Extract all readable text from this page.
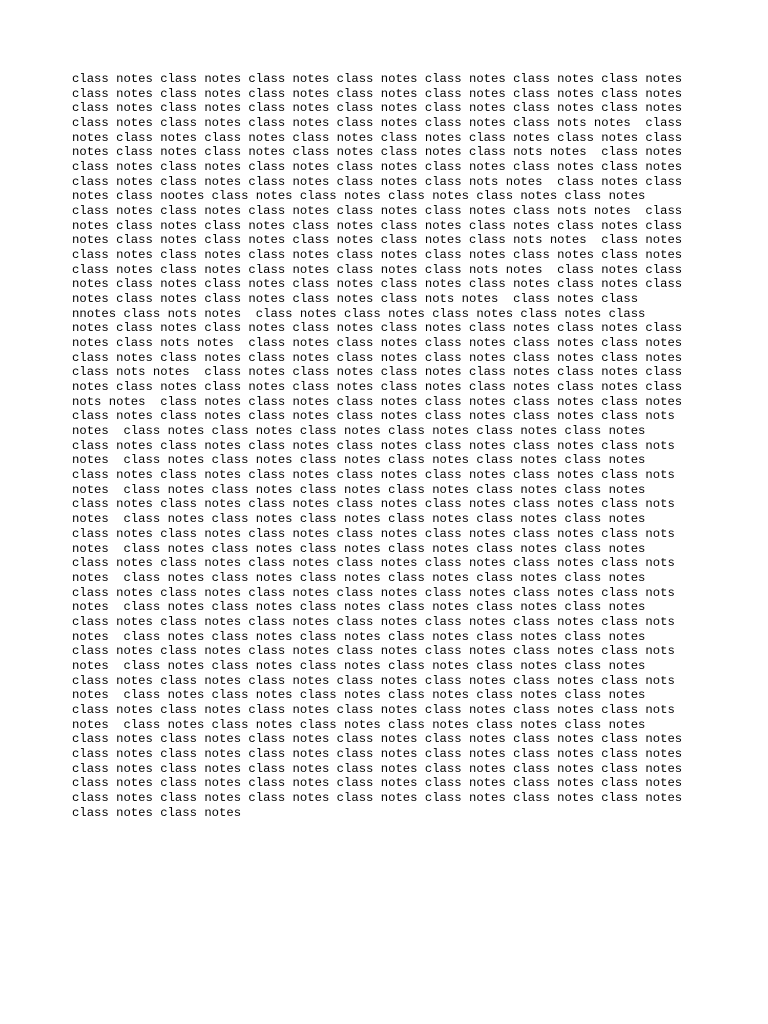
class notes class notes class notes class notes class notes class notes class notes
class notes class notes class notes class notes class notes class notes class notes
class notes class notes class notes class notes class notes class notes class notes
class notes class notes class notes class notes class notes class nots notes  class
notes class notes class notes class notes class notes class notes class notes class
notes class notes class notes class notes class notes class nots notes  class notes
class notes class notes class notes class notes class notes class notes class notes
class notes class notes class notes class notes class nots notes  class notes class
notes class nootes class notes class notes class notes class notes class notes
class notes class notes class notes class notes class notes class nots notes  class
notes class notes class notes class notes class notes class notes class notes class
notes class notes class notes class notes class notes class nots notes  class notes
class notes class notes class notes class notes class notes class notes class notes
class notes class notes class notes class notes class nots notes  class notes class
notes class notes class notes class notes class notes class notes class notes class
notes class notes class notes class notes class nots notes  class notes class
nnotes class nots notes  class notes class notes class notes class notes class
notes class notes class notes class notes class notes class notes class notes class
notes class nots notes  class notes class notes class notes class notes class notes
class notes class notes class notes class notes class notes class notes class notes
class nots notes  class notes class notes class notes class notes class notes class
notes class notes class notes class notes class notes class notes class notes class
nots notes  class notes class notes class notes class notes class notes class notes
class notes class notes class notes class notes class notes class notes class nots
notes  class notes class notes class notes class notes class notes class notes
class notes class notes class notes class notes class notes class notes class nots
notes  class notes class notes class notes class notes class notes class notes
class notes class notes class notes class notes class notes class notes class nots
notes  class notes class notes class notes class notes class notes class notes
class notes class notes class notes class notes class notes class notes class nots
notes  class notes class notes class notes class notes class notes class notes
class notes class notes class notes class notes class notes class notes class nots
notes  class notes class notes class notes class notes class notes class notes
class notes class notes class notes class notes class notes class notes class nots
notes  class notes class notes class notes class notes class notes class notes
class notes class notes class notes class notes class notes class notes class nots
notes  class notes class notes class notes class notes class notes class notes
class notes class notes class notes class notes class notes class notes class nots
notes  class notes class notes class notes class notes class notes class notes
class notes class notes class notes class notes class notes class notes class nots
notes  class notes class notes class notes class notes class notes class notes
class notes class notes class notes class notes class notes class notes class nots
notes  class notes class notes class notes class notes class notes class notes
class notes class notes class notes class notes class notes class notes class nots
notes  class notes class notes class notes class notes class notes class notes
class notes class notes class notes class notes class notes class notes class notes
class notes class notes class notes class notes class notes class notes class notes
class notes class notes class notes class notes class notes class notes class notes
class notes class notes class notes class notes class notes class notes class notes
class notes class notes class notes class notes class notes class notes class notes
class notes class notes
